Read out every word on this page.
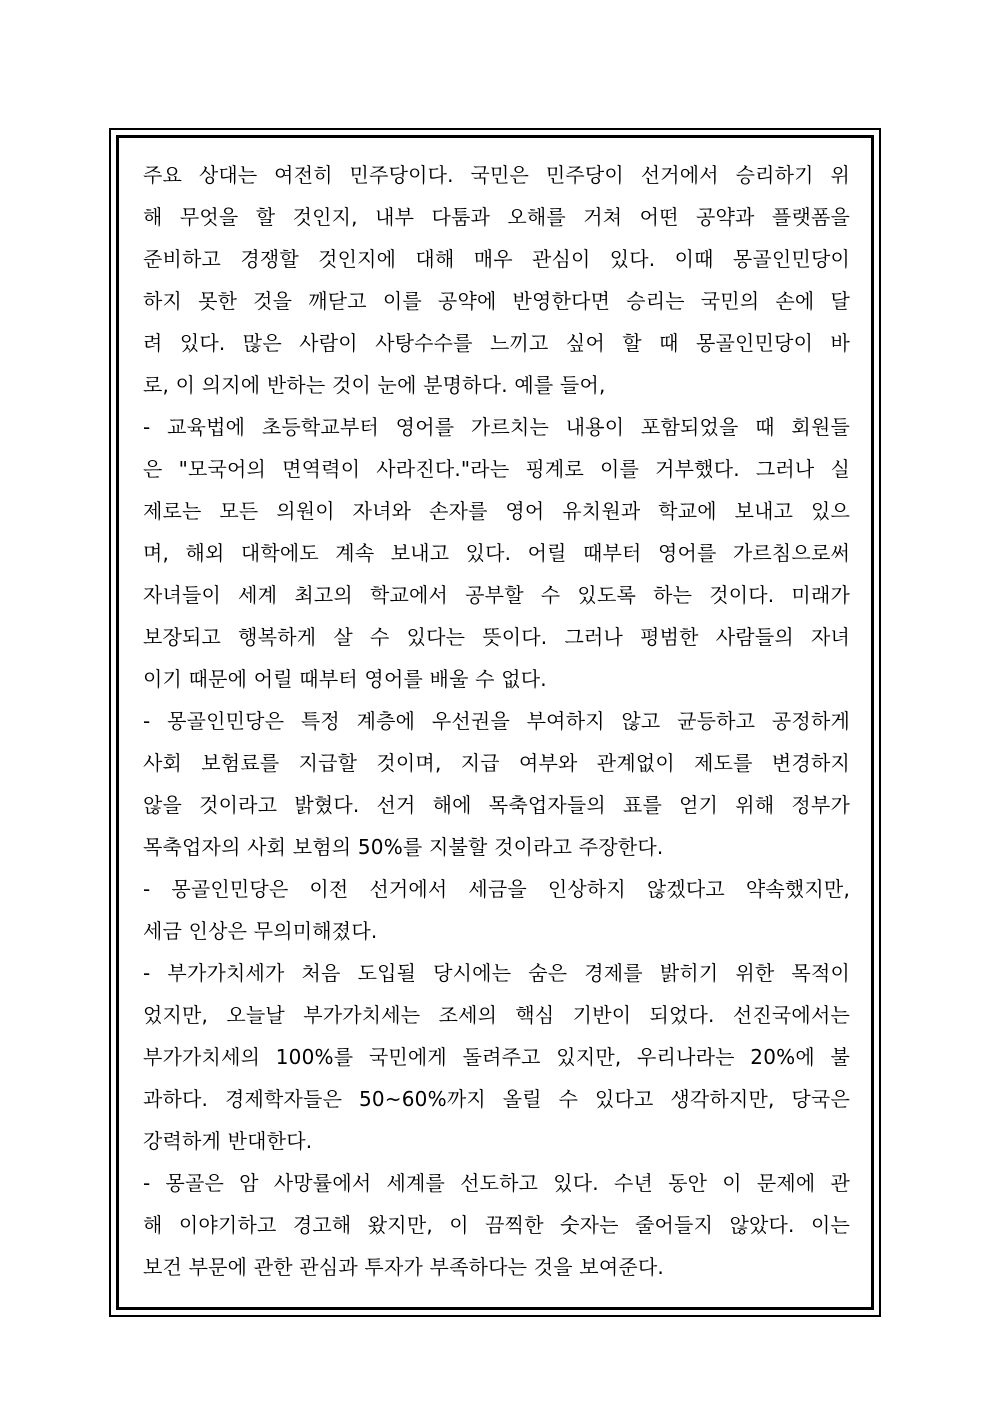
주요 상대는 여전히 민주당이다. 국민은 민주당이 선거에서 승리하기 위
해 무엇을 할 것인지, 내부 다툼과 오해를 거쳐 어떤 공약과 플랫폼을
준비하고 경쟁할 것인지에 대해 매우 관심이 있다. 이때 몽골인민당이
하지 못한 것을 깨닫고 이를 공약에 반영한다면 승리는 국민의 손에 달
려 있다. 많은 사람이 사탕수수를 느끼고 싶어 할 때 몽골인민당이 바
로, 이 의지에 반하는 것이 눈에 분명하다. 예를 들어,
- 교육법에 초등학교부터 영어를 가르치는 내용이 포함되었을 때 회원들
은 "모국어의 면역력이 사라진다."라는 핑계로 이를 거부했다. 그러나 실
제로는 모든 의원이 자녀와 손자를 영어 유치원과 학교에 보내고 있으
며, 해외 대학에도 계속 보내고 있다. 어릴 때부터 영어를 가르침으로써
자녀들이 세계 최고의 학교에서 공부할 수 있도록 하는 것이다. 미래가
보장되고 행복하게 살 수 있다는 뜻이다. 그러나 평범한 사람들의 자녀
이기 때문에 어릴 때부터 영어를 배울 수 없다.
- 몽골인민당은 특정 계층에 우선권을 부여하지 않고 균등하고 공정하게
사회 보험료를 지급할 것이며, 지급 여부와 관계없이 제도를 변경하지
않을 것이라고 밝혔다. 선거 해에 목축업자들의 표를 얻기 위해 정부가
목축업자의 사회 보험의 50%를 지불할 것이라고 주장한다.
- 몽골인민당은 이전 선거에서 세금을 인상하지 않겠다고 약속했지만,
세금 인상은 무의미해졌다.
- 부가가치세가 처음 도입될 당시에는 숨은 경제를 밝히기 위한 목적이
었지만, 오늘날 부가가치세는 조세의 핵심 기반이 되었다. 선진국에서는
부가가치세의 100%를 국민에게 돌려주고 있지만, 우리나라는 20%에 불
과하다. 경제학자들은 50~60%까지 올릴 수 있다고 생각하지만, 당국은
강력하게 반대한다.
- 몽골은 암 사망률에서 세계를 선도하고 있다. 수년 동안 이 문제에 관
해 이야기하고 경고해 왔지만, 이 끔찍한 숫자는 줄어들지 않았다. 이는
보건 부문에 관한 관심과 투자가 부족하다는 것을 보여준다.
